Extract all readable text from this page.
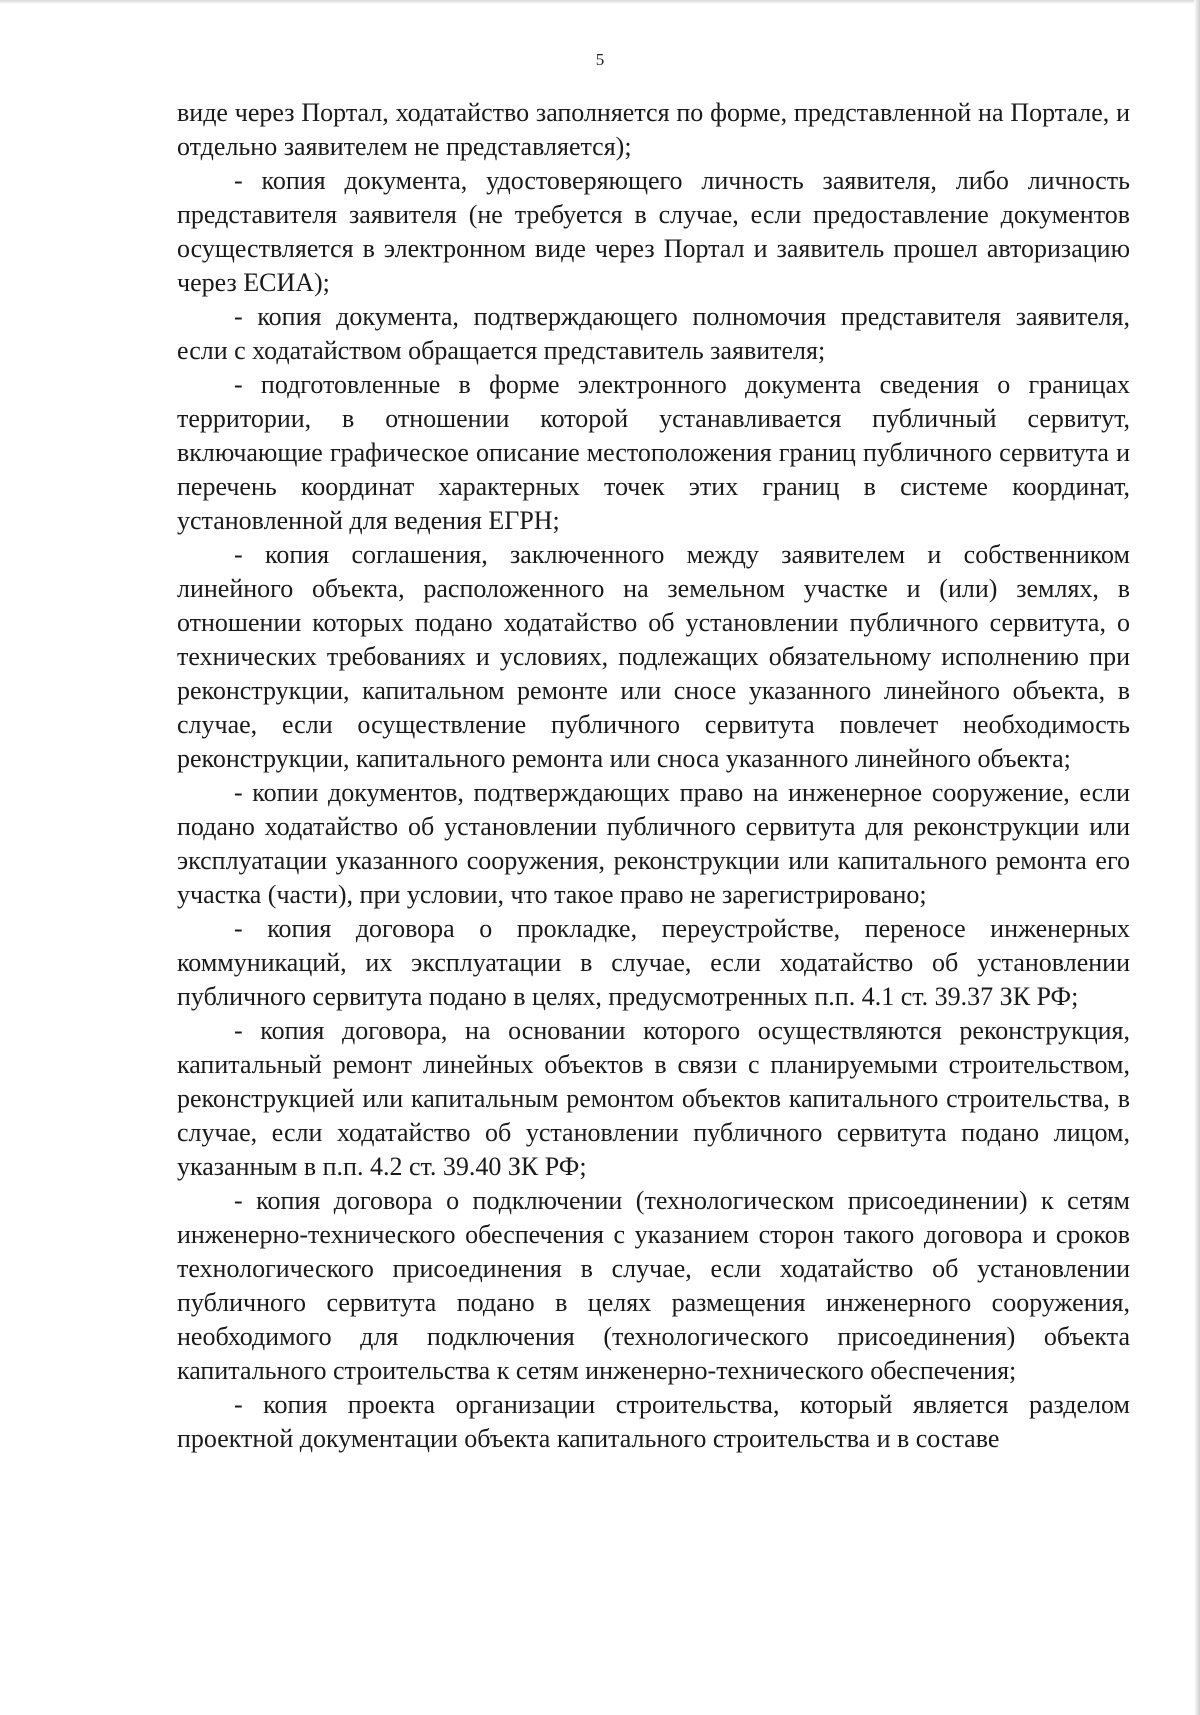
5

виде через Портал, ходатайство заполняется по форме, представленной на Портале, и отдельно заявителем не представляется);

- копия документа, удостоверяющего личность заявителя, либо личность представителя заявителя (не требуется в случае, если предоставление документов осуществляется в электронном виде через Портал и заявитель прошел авторизацию через ЕСИА);

- копия документа, подтверждающего полномочия представителя заявителя, если с ходатайством обращается представитель заявителя;

- подготовленные в форме электронного документа сведения о границах территории, в отношении которой устанавливается публичный сервитут, включающие графическое описание местоположения границ публичного сервитута и перечень координат характерных точек этих границ в системе координат, установленной для ведения ЕГРН;

- копия соглашения, заключенного между заявителем и собственником линейного объекта, расположенного на земельном участке и (или) землях, в отношении которых подано ходатайство об установлении публичного сервитута, о технических требованиях и условиях, подлежащих обязательному исполнению при реконструкции, капитальном ремонте или сносе указанного линейного объекта, в случае, если осуществление публичного сервитута повлечет необходимость реконструкции, капитального ремонта или сноса указанного линейного объекта;

- копии документов, подтверждающих право на инженерное сооружение, если подано ходатайство об установлении публичного сервитута для реконструкции или эксплуатации указанного сооружения, реконструкции или капитального ремонта его участка (части), при условии, что такое право не зарегистрировано;

- копия договора о прокладке, переустройстве, переносе инженерных коммуникаций, их эксплуатации в случае, если ходатайство об установлении публичного сервитута подано в целях, предусмотренных п.п. 4.1 ст. 39.37 ЗК РФ;

- копия договора, на основании которого осуществляются реконструкция, капитальный ремонт линейных объектов в связи с планируемыми строительством, реконструкцией или капитальным ремонтом объектов капитального строительства, в случае, если ходатайство об установлении публичного сервитута подано лицом, указанным в п.п. 4.2 ст. 39.40 ЗК РФ;

- копия договора о подключении (технологическом присоединении) к сетям инженерно-технического обеспечения с указанием сторон такого договора и сроков технологического присоединения в случае, если ходатайство об установлении публичного сервитута подано в целях размещения инженерного сооружения, необходимого для подключения (технологического присоединения) объекта капитального строительства к сетям инженерно-технического обеспечения;

- копия проекта организации строительства, который является разделом проектной документации объекта капитального строительства и в составе
